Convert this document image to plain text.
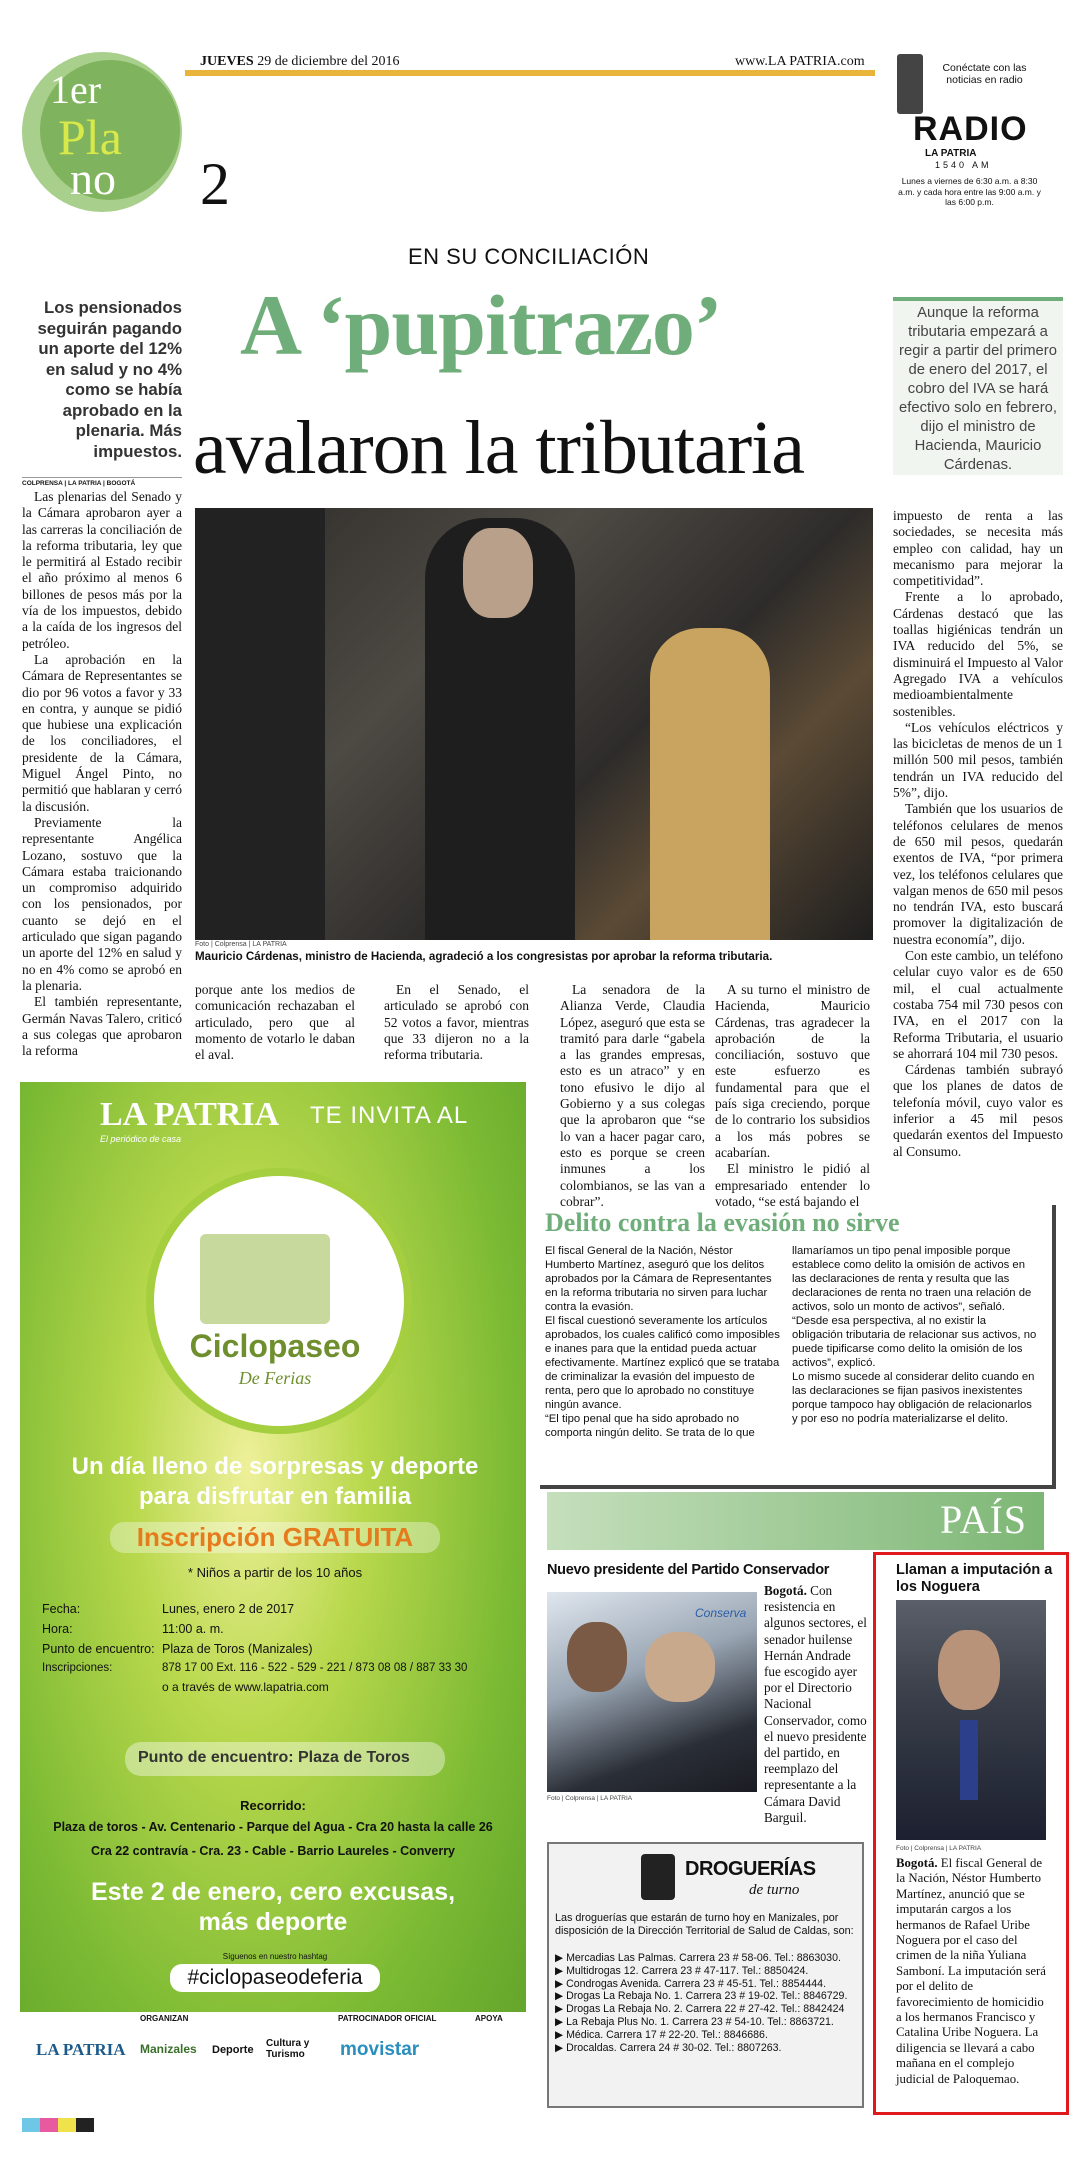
1er
Pla
no
JUEVES 29 de diciembre del 2016	www.LA PATRIA.com
2
Conéctate con las noticias en radio
RADIO
LA PATRIA
1540 AM
Lunes a viernes de 6:30 a.m. a 8:30 a.m. y cada hora entre las 9:00 a.m. y las 6:00 p.m.
EN SU CONCILIACIÓN
A ‘pupitrazo’
avalaron la tributaria
Los pensionados seguirán pagando un aporte del 12% en salud y no 4% como se había aprobado en la plenaria. Más impuestos.
Aunque la reforma tributaria empezará a regir a partir del primero de enero del 2017, el cobro del IVA se hará efectivo solo en febrero, dijo el ministro de Hacienda, Mauricio Cárdenas.
COLPRENSA | LA PATRIA | BOGOTÁ

Las plenarias del Senado y la Cámara aprobaron ayer a las carreras la conciliación de la reforma tributaria, ley que le permitirá al Estado recibir el año próximo al menos 6 billones de pesos más por la vía de los impuestos, debido a la caída de los ingresos del petróleo.

La aprobación en la Cámara de Representantes se dio por 96 votos a favor y 33 en contra, y aunque se pidió que hubiese una explicación de los conciliadores, el presidente de la Cámara, Miguel Ángel Pinto, no permitió que hablaran y cerró la discusión.

Previamente la representante Angélica Lozano, sostuvo que la Cámara estaba traicionando un compromiso adquirido con los pensionados, por cuanto se dejó en el articulado que sigan pagando un aporte del 12% en salud y no en 4% como se aprobó en la plenaria.

El también representante, Germán Navas Talero, criticó a sus colegas que aprobaron la reforma

Foto | Colprensa | LA PATRIA
Mauricio Cárdenas, ministro de Hacienda, agradeció a los congresistas por aprobar la reforma tributaria.

porque ante los medios de comunicación rechazaban el articulado, pero que al momento de votarlo le daban el aval.

En el Senado, el articulado se aprobó con 52 votos a favor, mientras que 33 dijeron no a la reforma tributaria.

La senadora de la Alianza Verde, Claudia López, aseguró que esta se tramitó para darle “gabela a las grandes empresas, esto es un atraco” y en tono efusivo le dijo al Gobierno y a sus colegas que la aprobaron que “se lo van a hacer pagar caro, esto es porque se creen inmunes a los colombianos, se las van a cobrar”.

A su turno el ministro de Hacienda, Mauricio Cárdenas, tras agradecer la aprobación de la conciliación, sostuvo que este esfuerzo es fundamental para que el país siga creciendo, porque de lo contrario los subsidios a los más pobres se acabarían.

El ministro le pidió al empresariado entender lo votado, “se está bajando el

impuesto de renta a las sociedades, se necesita más empleo con calidad, hay un mecanismo para mejorar la competitividad”.

Frente a lo aprobado, Cárdenas destacó que las toallas higiénicas tendrán un IVA reducido del 5%, se disminuirá el Impuesto al Valor Agregado IVA a vehículos medioambientalmente sostenibles.

“Los vehículos eléctricos y las bicicletas de menos de un 1 millón 500 mil pesos, también tendrán un IVA reducido del 5%”, dijo.

También que los usuarios de teléfonos celulares de menos de 650 mil pesos, quedarán exentos de IVA, “por primera vez, los teléfonos celulares que valgan menos de 650 mil pesos no tendrán IVA, esto buscará promover la digitalización de nuestra economía”, dijo.

Con este cambio, un teléfono celular cuyo valor es de 650 mil, el cual actualmente costaba 754 mil 730 pesos con IVA, en el 2017 con la Reforma Tributaria, el usuario se ahorrará 104 mil 730 pesos.

Cárdenas también subrayó que los planes de datos de telefonía móvil, cuyo valor es inferior a 45 mil pesos quedarán exentos del Impuesto al Consumo.

Delito contra la evasión no sirve
El fiscal General de la Nación, Néstor Humberto Martínez, aseguró que los delitos aprobados por la Cámara de Representantes en la reforma tributaria no sirven para luchar contra la evasión.
El fiscal cuestionó severamente los artículos aprobados, los cuales calificó como imposibles e inanes para que la entidad pueda actuar efectivamente. Martínez explicó que se trataba de criminalizar la evasión del impuesto de renta, pero que lo aprobado no constituye ningún avance.
“El tipo penal que ha sido aprobado no comporta ningún delito. Se trata de lo que
llamaríamos un tipo penal imposible porque establece como delito la omisión de activos en las declaraciones de renta y resulta que las declaraciones de renta no traen una relación de activos, solo un monto de activos”, señaló.
“Desde esa perspectiva, al no existir la obligación tributaria de relacionar sus activos, no puede tipificarse como delito la omisión de los activos”, explicó.
Lo mismo sucede al considerar delito cuando en las declaraciones se fijan pasivos inexistentes porque tampoco hay obligación de relacionarlos y por eso no podría materializarse el delito.
LA PATRIA
El periódico de casa
TE INVITA AL
Ciclopaseo
De Ferias
Un día lleno de sorpresas y deporte para disfrutar en familia
Inscripción GRATUITA
* Niños a partir de los 10 años
Fecha:	Lunes, enero 2 de 2017
Hora:	11:00 a. m.
Punto de encuentro: Plaza de Toros (Manizales)
Inscripciones:	878 17 00 Ext. 116 - 522 - 529 - 221 / 873 08 08 / 887 33 30
o a través de www.lapatria.com
Punto de encuentro: Plaza de Toros
Recorrido:
Plaza de toros - Av. Centenario - Parque del Agua - Cra 20 hasta la calle 26
Cra 22 contravía - Cra. 23 - Cable - Barrio Laureles - Converry
Este 2 de enero, cero excusas, más deporte
Síguenos en nuestro hashtag
#ciclopaseodeferia
ORGANIZAN	PATROCINADOR OFICIAL	APOYA
LA PATRIA Manizales Deporte
Cultura y Turismo	movistar
PAÍS
Nuevo presidente del Partido Conservador
Conserva
Foto | Colprensa | LA PATRIA
Bogotá. Con resistencia en algunos sectores, el senador huilense Hernán Andrade fue escogido ayer por el Directorio Nacional Conservador, como el nuevo presidente del partido, en reemplazo del representante a la Cámara David Barguil.
Llaman a imputación a los Noguera
Foto | Colprensa | LA PATRIA
Bogotá. El fiscal General de la Nación, Néstor Humberto Martínez, anunció que se imputarán cargos a los hermanos de Rafael Uribe Noguera por el caso del crimen de la niña Yuliana Samboní. La imputación será por el delito de favorecimiento de homicidio a los hermanos Francisco y Catalina Uribe Noguera. La diligencia se llevará a cabo mañana en el complejo judicial de Paloquemao.
DROGUERÍAS
de turno
Las droguerías que estarán de turno hoy en Manizales, por disposición de la Dirección Territorial de Salud de Caldas, son:
▶ Mercadias Las Palmas. Carrera 23 # 58-06. Tel.: 8863030.
▶ Multidrogas 12. Carrera 23 # 47-117. Tel.: 8850424.
▶ Condrogas Avenida. Carrera 23 # 45-51. Tel.: 8854444.
▶ Drogas La Rebaja No. 1. Carrera 23 # 19-02. Tel.: 8846729.
▶ Drogas La Rebaja No. 2. Carrera 22 # 27-42. Tel.: 8842424
▶ La Rebaja Plus No. 1. Carrera 23 # 54-10. Tel.: 8863721.
▶ Médica. Carrera 17 # 22-20. Tel.: 8846686.
▶ Drocaldas. Carrera 24 # 30-02. Tel.: 8807263.
